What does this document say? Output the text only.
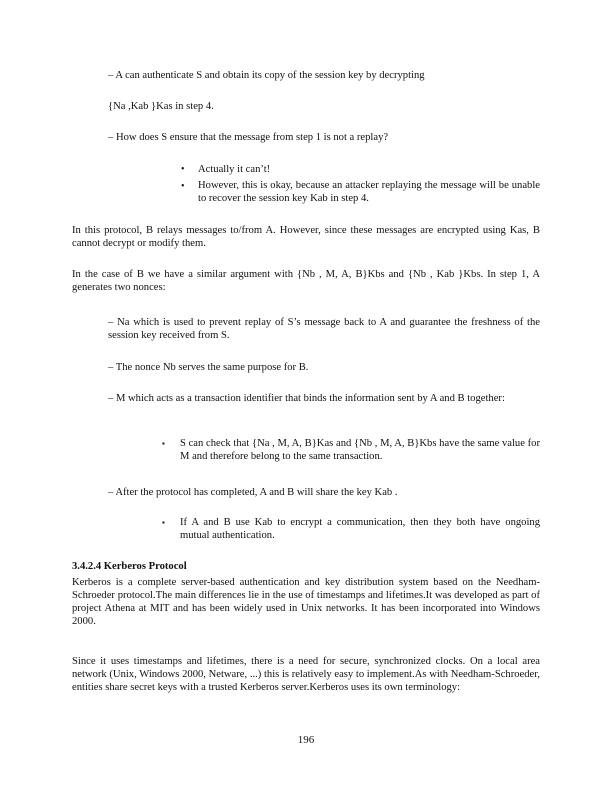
– A can authenticate S and obtain its copy of the session key by decrypting
{Na ,Kab }Kas in step 4.
– How does S ensure that the message from step 1 is not a replay?
• Actually it can’t!
• However, this is okay, because an attacker replaying the message will be unable to recover the session key Kab in step 4.
In this protocol, B relays messages to/from A. However, since these messages are encrypted using Kas, B cannot decrypt or modify them.
In the case of B we have a similar argument with {Nb , M, A, B}Kbs and {Nb , Kab }Kbs. In step 1, A generates two nonces:
– Na which is used to prevent replay of S’s message back to A and guarantee the freshness of the session key received from S.
– The nonce Nb serves the same purpose for B.
– M which acts as a transaction identifier that binds the information sent by A and B together:
▪ S can check that {Na , M, A, B}Kas and {Nb , M, A, B}Kbs have the same value for M and therefore belong to the same transaction.
– After the protocol has completed, A and B will share the key Kab .
▪ If A and B use Kab to encrypt a communication, then they both have ongoing mutual authentication.
3.4.2.4 Kerberos Protocol
Kerberos is a complete server-based authentication and key distribution system based on the Needham-Schroeder protocol.The main differences lie in the use of timestamps and lifetimes.It was developed as part of project Athena at MIT and has been widely used in Unix networks. It has been incorporated into Windows 2000.
Since it uses timestamps and lifetimes, there is a need for secure, synchronized clocks. On a local area network (Unix, Windows 2000, Netware, ...) this is relatively easy to implement.As with Needham-Schroeder, entities share secret keys with a trusted Kerberos server.Kerberos uses its own terminology:
196
